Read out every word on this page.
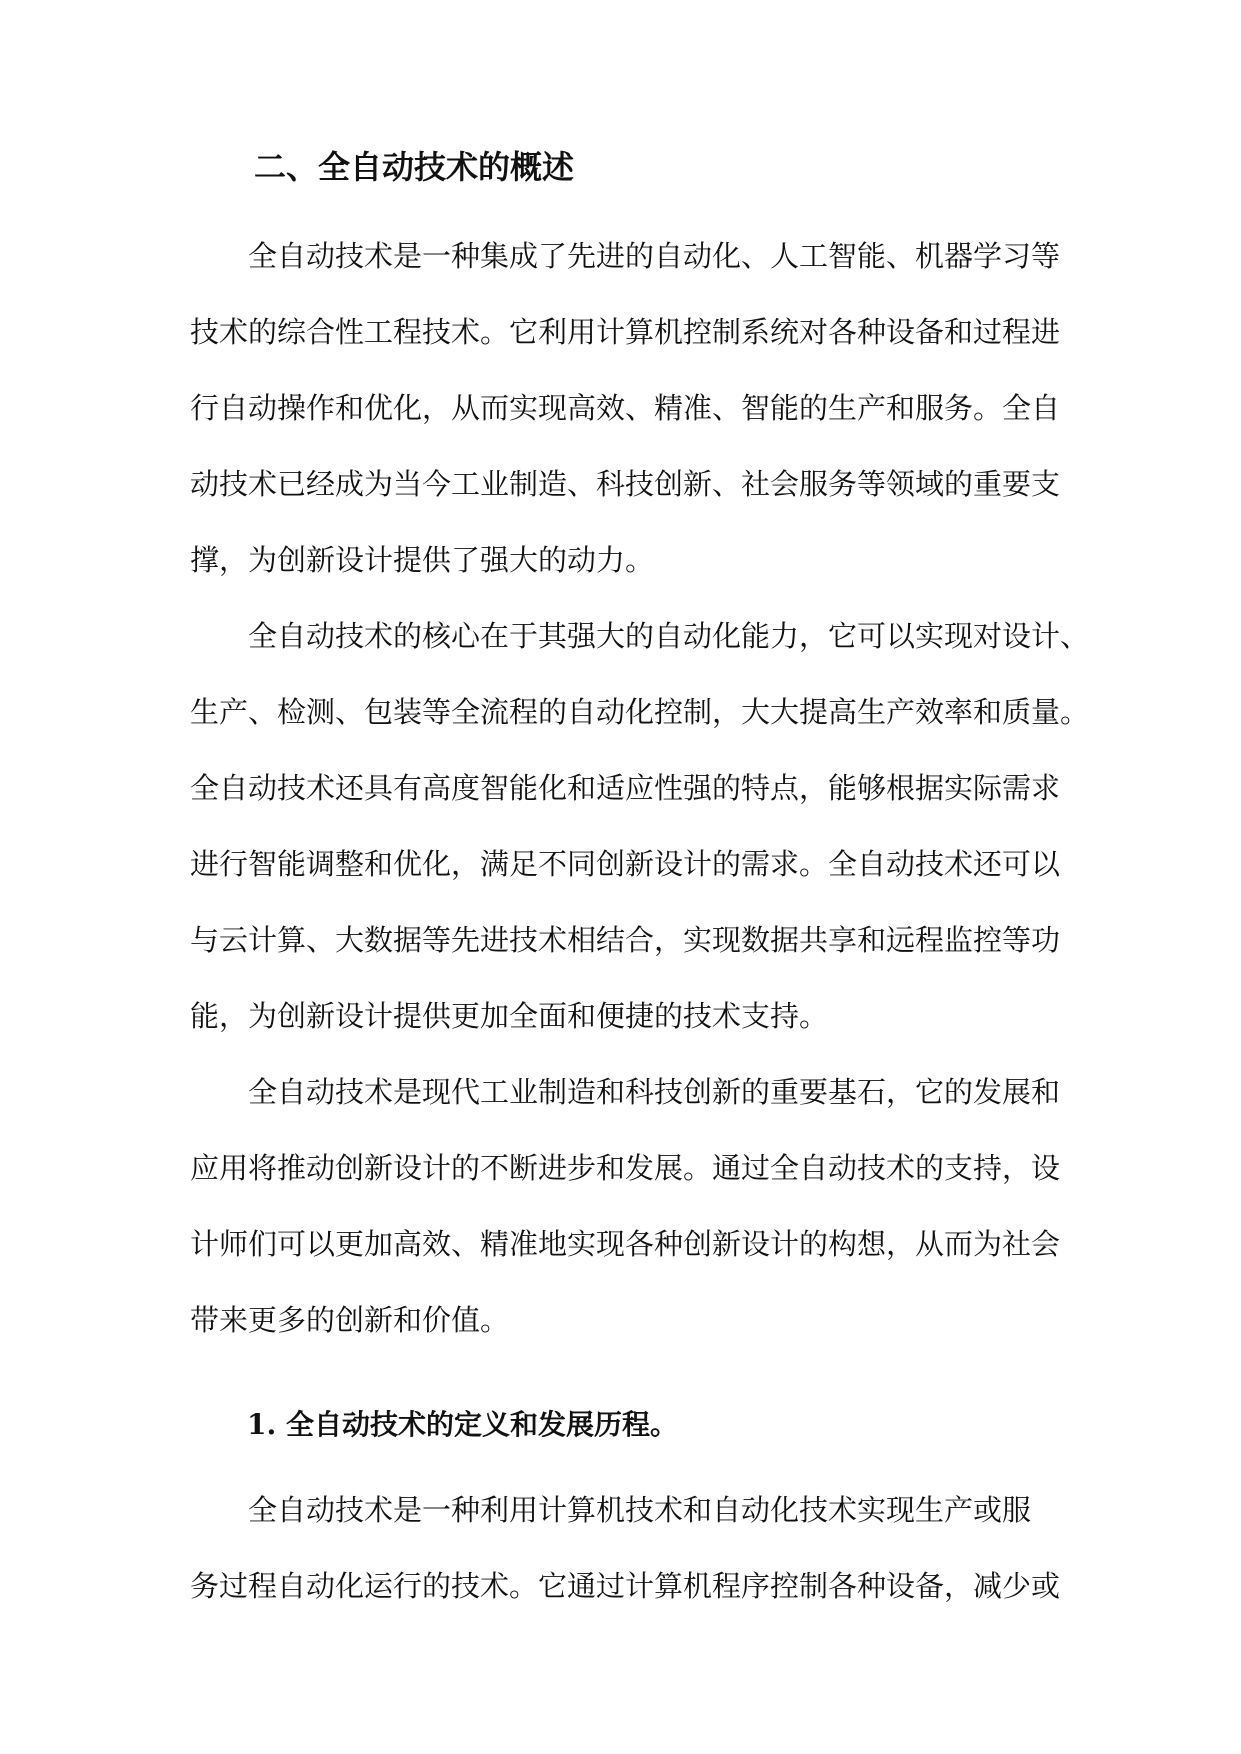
二、全自动技术的概述
全自动技术是一种集成了先进的自动化、人工智能、机器学习等
技术的综合性工程技术。它利用计算机控制系统对各种设备和过程进
行自动操作和优化，从而实现高效、精准、智能的生产和服务。全自
动技术已经成为当今工业制造、科技创新、社会服务等领域的重要支
撑，为创新设计提供了强大的动力。
全自动技术的核心在于其强大的自动化能力，它可以实现对设计、
生产、检测、包装等全流程的自动化控制，大大提高生产效率和质量。
全自动技术还具有高度智能化和适应性强的特点，能够根据实际需求
进行智能调整和优化，满足不同创新设计的需求。全自动技术还可以
与云计算、大数据等先进技术相结合，实现数据共享和远程监控等功
能，为创新设计提供更加全面和便捷的技术支持。
全自动技术是现代工业制造和科技创新的重要基石，它的发展和
应用将推动创新设计的不断进步和发展。通过全自动技术的支持，设
计师们可以更加高效、精准地实现各种创新设计的构想，从而为社会
带来更多的创新和价值。
1. 全自动技术的定义和发展历程。
全自动技术是一种利用计算机技术和自动化技术实现生产或服
务过程自动化运行的技术。它通过计算机程序控制各种设备，减少或
